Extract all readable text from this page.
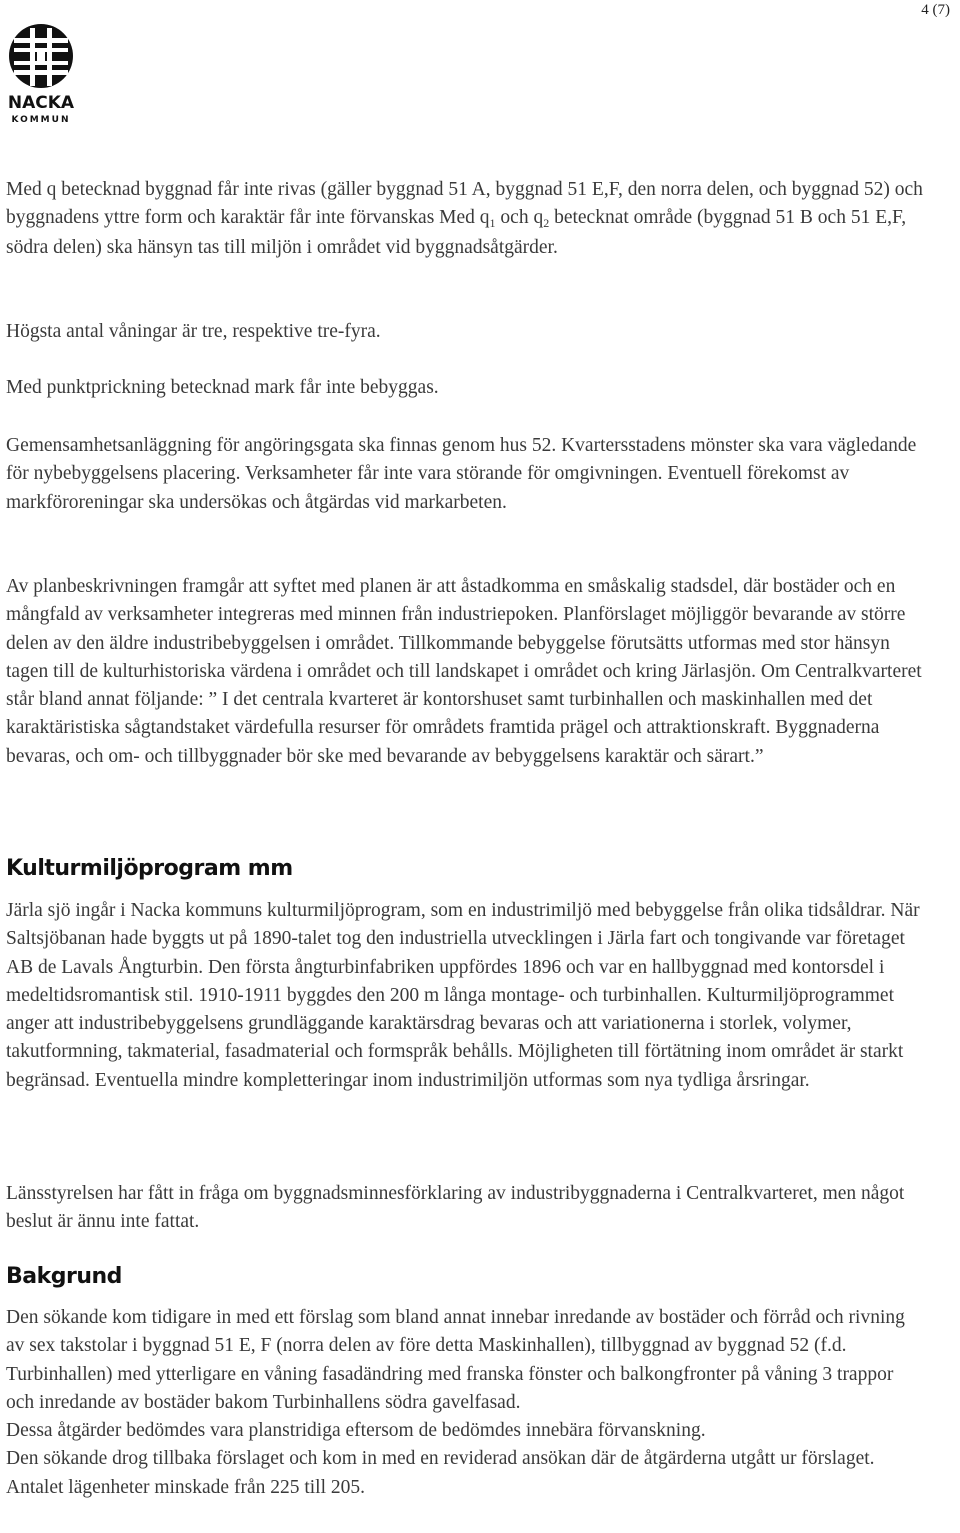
4 (7)
NACKA
KOMMUN

Med q betecknad byggnad får inte rivas (gäller byggnad 51 A, byggnad 51 E,F, den norra delen, och byggnad 52) och byggnadens yttre form och karaktär får inte förvanskas Med $q_1$ och $q_2$ betecknat område (byggnad 51 B och 51 E,F, södra delen) ska hänsyn tas till miljön i området vid byggnadsåtgärder.

Högsta antal våningar är tre, respektive tre-fyra.

Med punktprickning betecknad mark får inte bebyggas.

Gemensamhetsanläggning för angöringsgata ska finnas genom hus 52. Kvartersstadens mönster ska vara vägledande för nybebyggelsens placering. Verksamheter får inte vara störande för omgivningen. Eventuell förekomst av markföroreningar ska undersökas och åtgärdas vid markarbeten.

Av planbeskrivningen framgår att syftet med planen är att åstadkomma en småskalig stadsdel, där bostäder och en mångfald av verksamheter integreras med minnen från industriepoken. Planförslaget möjliggör bevarande av större delen av den äldre industribebyggelsen i området. Tillkommande bebyggelse förutsätts utformas med stor hänsyn tagen till de kulturhistoriska värdena i området och till landskapet i området och kring Järlasjön. Om Centralkvarteret står bland annat följande: ” I det centrala kvarteret är kontorshuset samt turbinhallen och maskinhallen med det karaktäristiska sågtandstaket värdefulla resurser för områdets framtida prägel och attraktionskraft. Byggnaderna bevaras, och om- och tillbyggnader bör ske med bevarande av bebyggelsens karaktär och särart.”

Kulturmiljöprogram mm

Järla sjö ingår i Nacka kommuns kulturmiljöprogram, som en industrimiljö med bebyggelse från olika tidsåldrar. När Saltsjöbanan hade byggts ut på 1890-talet tog den industriella utvecklingen i Järla fart och tongivande var företaget AB de Lavals Ångturbin. Den första ångturbinfabriken uppfördes 1896 och var en hallbyggnad med kontorsdel i medeltidsromantisk stil. 1910-1911 byggdes den 200 m långa montage- och turbinhallen. Kulturmiljöprogrammet anger att industribebyggelsens grundläggande karaktärsdrag bevaras och att variationerna i storlek, volymer, takutformning, takmaterial, fasadmaterial och formspråk behålls. Möjligheten till förtätning inom området är starkt begränsad. Eventuella mindre kompletteringar inom industrimiljön utformas som nya tydliga årsringar.

Länsstyrelsen har fått in fråga om byggnadsminnesförklaring av industribyggnaderna i Centralkvarteret, men något beslut är ännu inte fattat.

Bakgrund

Den sökande kom tidigare in med ett förslag som bland annat innebar inredande av bostäder och förråd och rivning av sex takstolar i byggnad 51 E, F (norra delen av före detta Maskinhallen), tillbyggnad av byggnad 52 (f.d. Turbinhallen) med ytterligare en våning fasadändring med franska fönster och balkongfronter på våning 3 trappor och inredande av bostäder bakom Turbinhallens södra gavelfasad.

Dessa åtgärder bedömdes vara planstridiga eftersom de bedömdes innebära förvanskning.

Den sökande drog tillbaka förslaget och kom in med en reviderad ansökan där de åtgärderna utgått ur förslaget. Antalet lägenheter minskade från 225 till 205.
